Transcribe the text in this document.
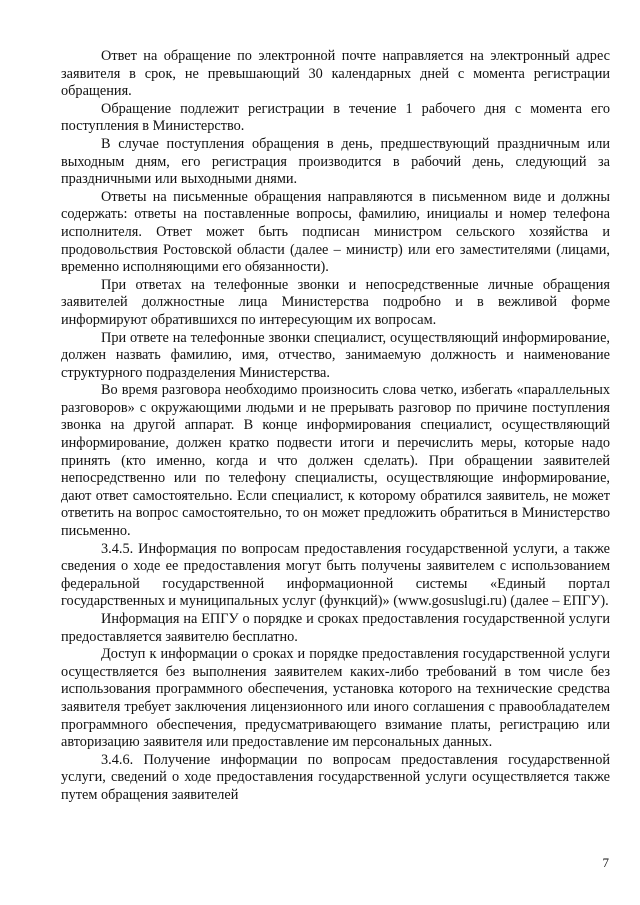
Ответ на обращение по электронной почте направляется на электронный адрес заявителя в срок, не превышающий 30 календарных дней с момента регистрации обращения.

Обращение подлежит регистрации в течение 1 рабочего дня с момента его поступления в Министерство.

В случае поступления обращения в день, предшествующий праздничным или выходным дням, его регистрация производится в рабочий день, следующий за праздничными или выходными днями.

Ответы на письменные обращения направляются в письменном виде и должны содержать: ответы на поставленные вопросы, фамилию, инициалы и номер телефона исполнителя. Ответ может быть подписан министром сельского хозяйства и продовольствия Ростовской области (далее – министр) или его заместителями (лицами, временно исполняющими его обязанности).

При ответах на телефонные звонки и непосредственные личные обращения заявителей должностные лица Министерства подробно и в вежливой форме информируют обратившихся по интересующим их вопросам.

При ответе на телефонные звонки специалист, осуществляющий информирование, должен назвать фамилию, имя, отчество, занимаемую должность и наименование структурного подразделения Министерства.

Во время разговора необходимо произносить слова четко, избегать «параллельных разговоров» с окружающими людьми и не прерывать разговор по причине поступления звонка на другой аппарат. В конце информирования специалист, осуществляющий информирование, должен кратко подвести итоги и перечислить меры, которые надо принять (кто именно, когда и что должен сделать). При обращении заявителей непосредственно или по телефону специалисты, осуществляющие информирование, дают ответ самостоятельно. Если специалист, к которому обратился заявитель, не может ответить на вопрос самостоятельно, то он может предложить обратиться в Министерство письменно.

3.4.5. Информация по вопросам предоставления государственной услуги, а также сведения о ходе ее предоставления могут быть получены заявителем с использованием федеральной государственной информационной системы «Единый портал государственных и муниципальных услуг (функций)» (www.gosuslugi.ru) (далее – ЕПГУ).

Информация на ЕПГУ о порядке и сроках предоставления государственной услуги предоставляется заявителю бесплатно.

Доступ к информации о сроках и порядке предоставления государственной услуги осуществляется без выполнения заявителем каких-либо требований в том числе без использования программного обеспечения, установка которого на технические средства заявителя требует заключения лицензионного или иного соглашения с правообладателем программного обеспечения, предусматривающего взимание платы, регистрацию или авторизацию заявителя или предоставление им персональных данных.

3.4.6. Получение информации по вопросам предоставления государственной услуги, сведений о ходе предоставления государственной услуги осуществляется также путем обращения заявителей

7
